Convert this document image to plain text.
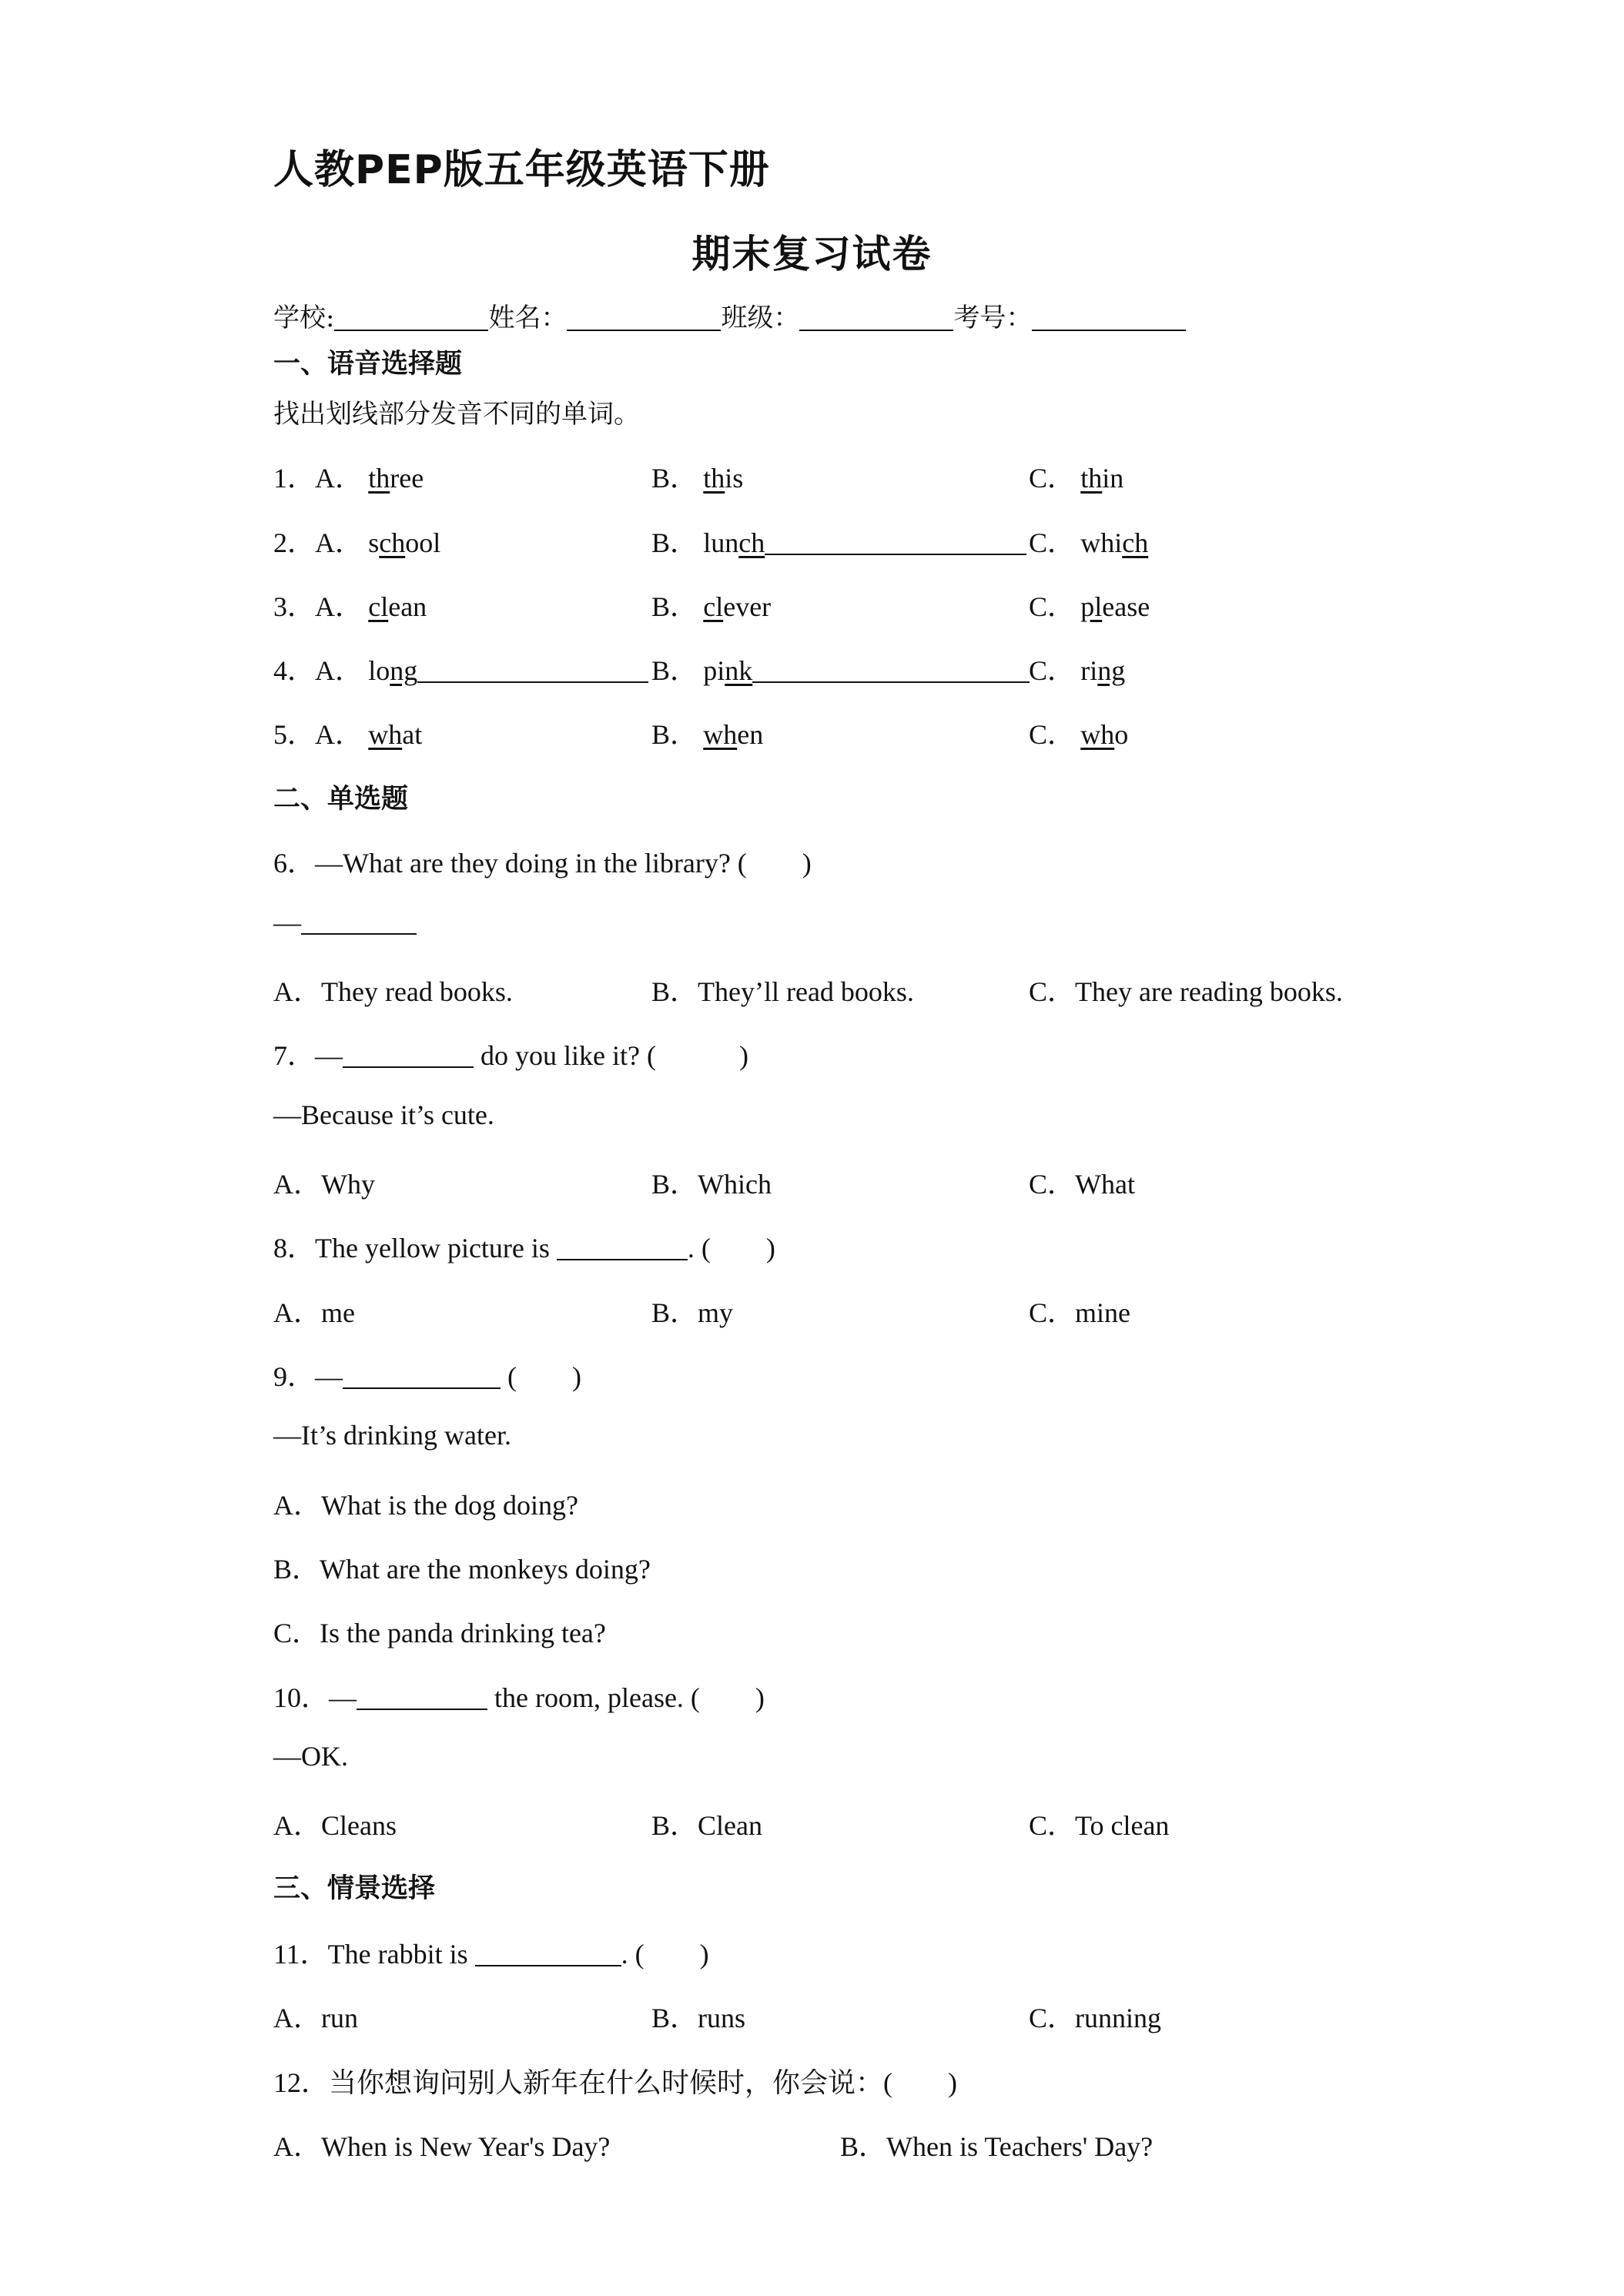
人教PEP版五年级英语下册
期末复习试卷
学校:	姓名：	班级：	考号：
一、语音选择题
找出划线部分发音不同的单词。
1．A．  three	B．  this	C．  thin
2．A．  school	B．  lunch	C．  which
3．A．  clean	B．  clever	C．  please
4．A．  long	B．  pink	C．  ring
5．A．  what	B．  when	C．  who
二、单选题
6．—What are they doing in the library? (　　)
—
A．They read books.	B．They’ll read books.	C．They are reading books.
7．—	do you like it? (　　　)
—Because it’s cute.
A．Why	B．Which	C．What
8．The yellow picture is	. (　　)
A．me	B．my	C．mine
9．—	(　　)
—It’s drinking water.
A．What is the dog doing?
B．What are the monkeys doing?
C．Is the panda drinking tea?
10．—	the room, please. (　　)
—OK.
A．Cleans	B．Clean	C．To clean
三、情景选择
11．The rabbit is	. (　　)
A．run	B．runs	C．running
12．当你想询问别人新年在什么时候时，你会说：(　　)
A．When is New Year's Day?	B．When is Teachers' Day?
